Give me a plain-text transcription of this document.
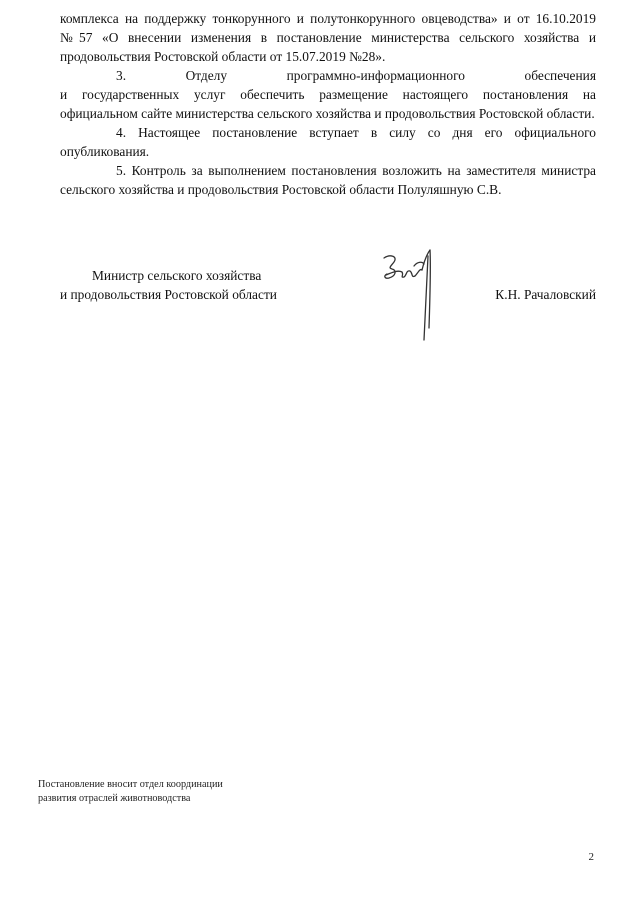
комплекса на поддержку тонкорунного и полутонкорунного овцеводства» и от 16.10.2019 №57 «О внесении изменения в постановление министерства сельского хозяйства и продовольствия Ростовской области от 15.07.2019 №28».

3. Отделу программно-информационного обеспечения

и государственных услуг обеспечить размещение настоящего постановления на официальном сайте министерства сельского хозяйства и продовольствия Ростовской области.

4. Настоящее постановление вступает в силу со дня его официального опубликования.

5. Контроль за выполнением постановления возложить на заместителя министра сельского хозяйства и продовольствия Ростовской области Полуляшную С.В.

Министр сельского хозяйства
и продовольствия Ростовской области	К.Н. Рачаловский
Постановление вносит отдел координации
развития отраслей животноводства
2
